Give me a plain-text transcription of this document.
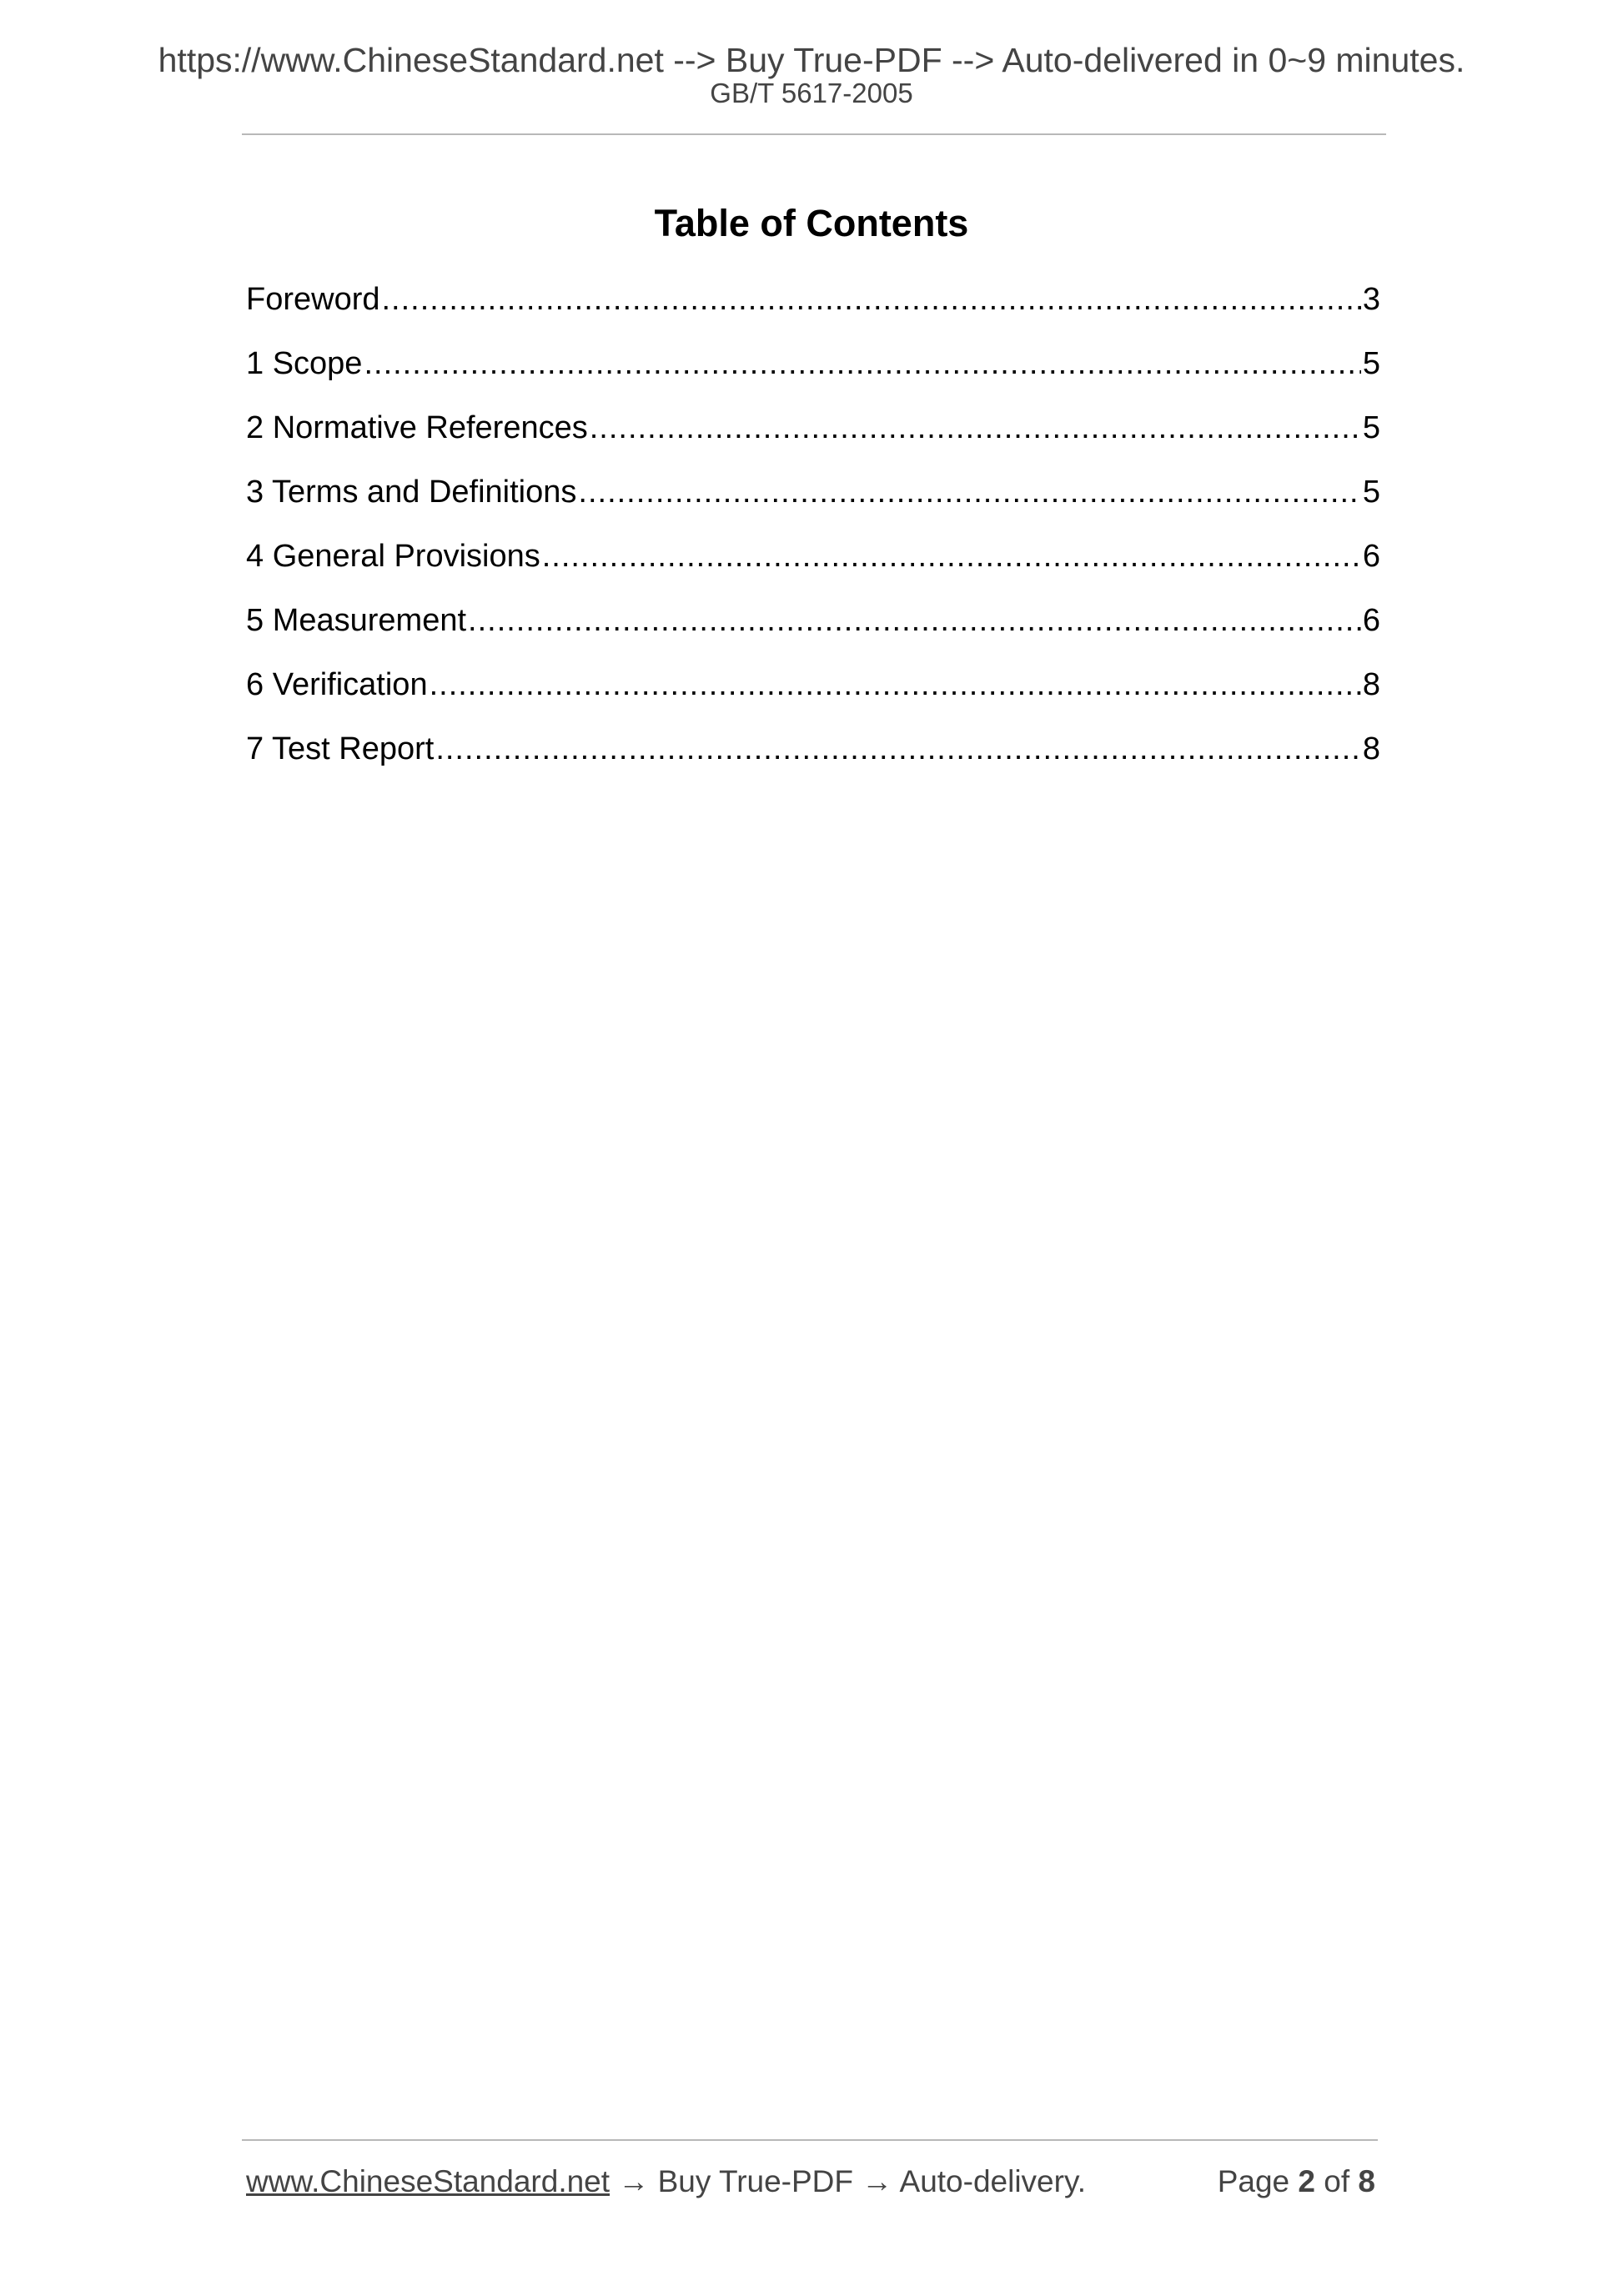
https://www.ChineseStandard.net --> Buy True-PDF --> Auto-delivered in 0~9 minutes.
GB/T 5617-2005
Table of Contents
Foreword .....	3
1 Scope .....	5
2 Normative References .....	5
3 Terms and Definitions .....	5
4 General Provisions .....	6
5 Measurement .....	6
6 Verification .....	8
7 Test Report .....	8
www.ChineseStandard.net → Buy True-PDF → Auto-delivery.	Page 2 of 8
